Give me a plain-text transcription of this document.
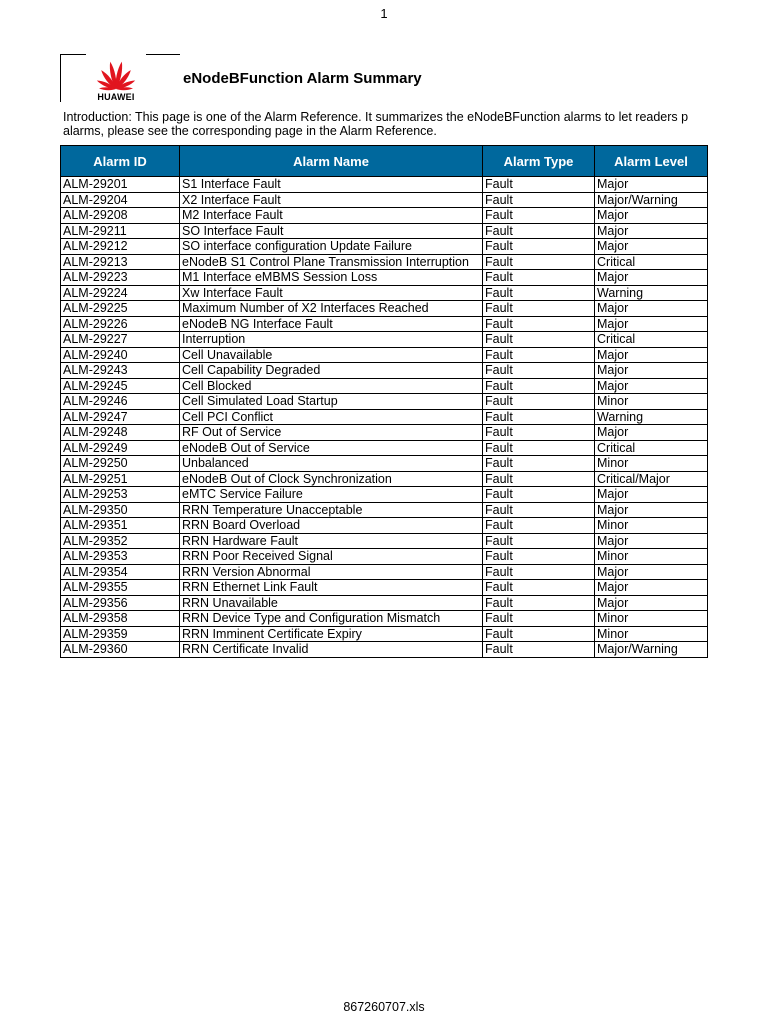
1
HUAWEI
eNodeBFunction Alarm Summary
Introduction: This page is one of the Alarm Reference. It summarizes the eNodeBFunction alarms to let readers p
alarms, please see the corresponding page in the Alarm Reference.
Alarm ID	Alarm Name	Alarm Type	Alarm Level
ALM-29201	S1 Interface Fault	Fault	Major
ALM-29204	X2 Interface Fault	Fault	Major/Warning
ALM-29208	M2 Interface Fault	Fault	Major
ALM-29211	SO Interface Fault	Fault	Major
ALM-29212	SO interface configuration Update Failure	Fault	Major
ALM-29213	eNodeB S1 Control Plane Transmission Interruption	Fault	Critical
ALM-29223	M1 Interface eMBMS Session Loss	Fault	Major
ALM-29224	Xw Interface Fault	Fault	Warning
ALM-29225	Maximum Number of X2 Interfaces Reached	Fault	Major
ALM-29226	eNodeB NG Interface Fault	Fault	Major
ALM-29227	Interruption	Fault	Critical
ALM-29240	Cell Unavailable	Fault	Major
ALM-29243	Cell Capability Degraded	Fault	Major
ALM-29245	Cell Blocked	Fault	Major
ALM-29246	Cell Simulated Load Startup	Fault	Minor
ALM-29247	Cell PCI Conflict	Fault	Warning
ALM-29248	RF Out of Service	Fault	Major
ALM-29249	eNodeB Out of Service	Fault	Critical
ALM-29250	Unbalanced	Fault	Minor
ALM-29251	eNodeB Out of Clock Synchronization	Fault	Critical/Major
ALM-29253	eMTC Service Failure	Fault	Major
ALM-29350	RRN Temperature Unacceptable	Fault	Major
ALM-29351	RRN Board Overload	Fault	Minor
ALM-29352	RRN Hardware Fault	Fault	Major
ALM-29353	RRN Poor Received Signal	Fault	Minor
ALM-29354	RRN Version Abnormal	Fault	Major
ALM-29355	RRN Ethernet Link Fault	Fault	Major
ALM-29356	RRN Unavailable	Fault	Major
ALM-29358	RRN Device Type and Configuration Mismatch	Fault	Minor
ALM-29359	RRN Imminent Certificate Expiry	Fault	Minor
ALM-29360	RRN Certificate Invalid	Fault	Major/Warning
867260707.xls
